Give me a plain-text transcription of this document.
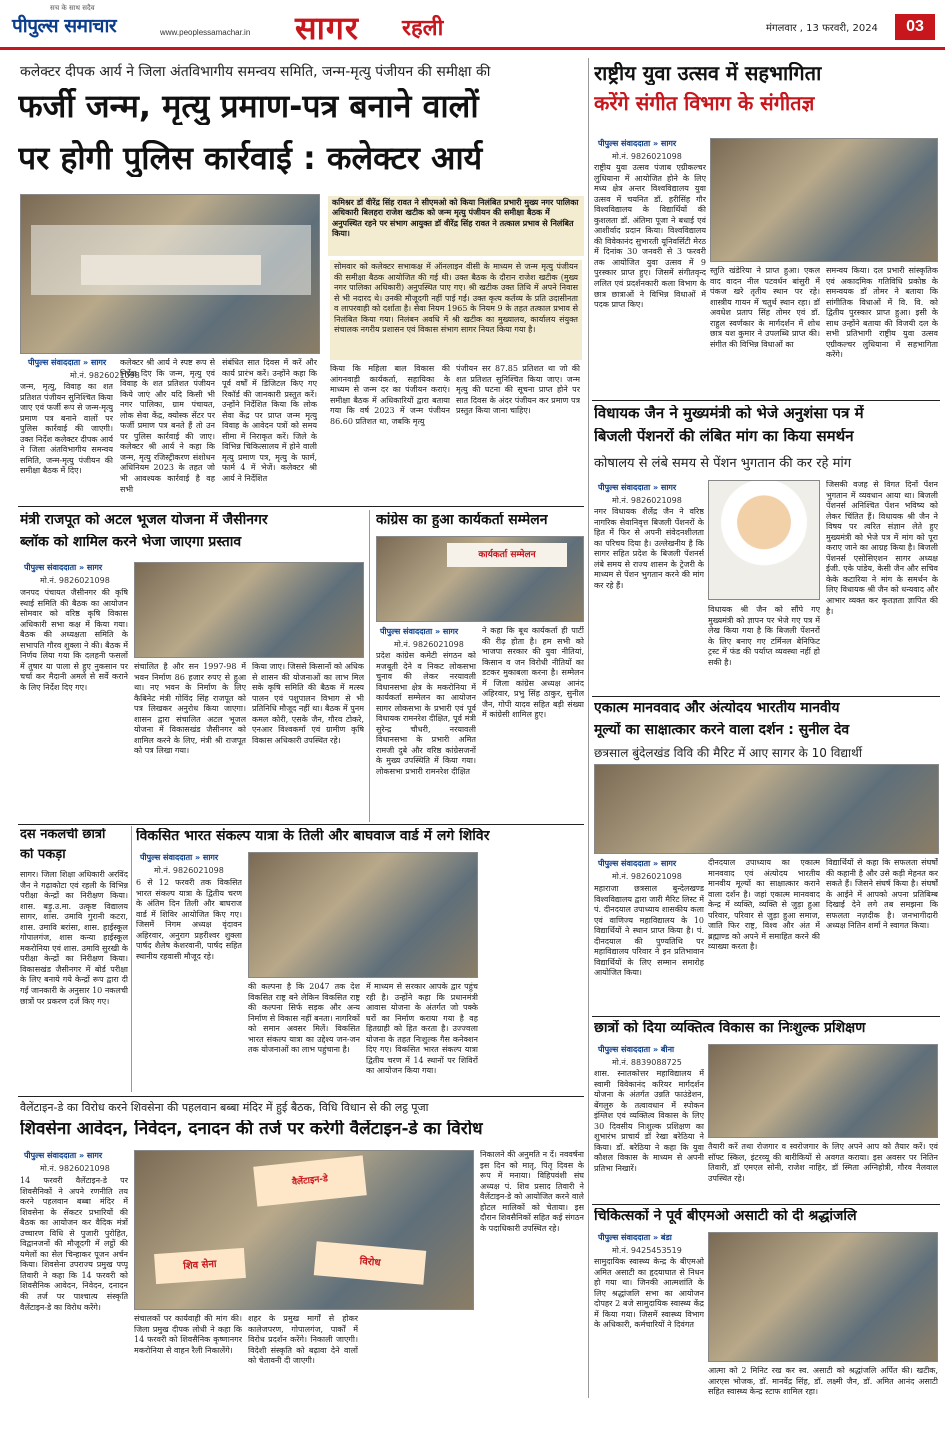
सच के साथ सदैव
पीपुल्स समाचार	www.peoplessamachar.in सागर रहली	मंगलवार , 13 फरवरी, 2024	03
कलेक्टर दीपक आर्य ने जिला अंतविभागीय समन्वय समिति, जन्म-मृत्यु पंजीयन की समीक्षा की
फर्जी जन्म, मृत्यु प्रमाण-पत्र बनाने वालों
पर होगी पुलिस कार्रवाई : कलेक्टर आर्य
पीपुल्स संवाददाता » सागर
मो.नं. 9826021098
जन्म, मृत्यु, विवाह का शत प्रतिशत पंजीयन सुनिश्चित किया जाए एवं फर्जी रूप से जन्म-मृत्यु प्रमाण पत्र बनाने वालों पर पुलिस कार्रवाई की जाएगी। उक्त निर्देश कलेक्टर दीपक आर्य ने जिला अंतविभागीय समन्वय समिति, जन्म-मृत्यु पंजीयन की समीक्षा बैठक में दिए।
कलेक्टर श्री आर्य ने स्पष्ट रूप से निर्देश दिए कि जन्म, मृत्यु एवं विवाह के शत प्रतिशत पंजीयन किये जाएं और यदि किसी भी नगर पालिका, ग्राम पंचायत, लोक सेवा केंद्र, क्योस्क सेंटर पर फर्जी प्रमाण पत्र बनते हैं तो उन पर पुलिस कार्रवाई की जाए। कलेक्टर श्री आर्य ने कहा कि जन्म, मृत्यु रजिस्ट्रीकरण संशोधन अधिनियम 2023 के तहत जो भी आवश्यक कार्रवाई है वह सभी
संबंधित सात दिवस में करें और कार्य प्रारंभ करें। उन्होंने कहा कि पूर्व वर्षों में डिजिटल किए गए रिकॉर्ड की जानकारी प्रस्तुत करें। उन्होंने निर्देशित किया कि लोक सेवा केंद्र पर प्राप्त जन्म मृत्यु विवाह के आवेदन पत्रों को समय सीमा में निराकृत करें। जिले के विभिन्न चिकित्सालय में होने वाली मृत्यु प्रमाण पत्र, मृत्यु के फार्म, फार्म 4 में भेजें। कलेक्टर श्री आर्य ने निर्देशित
कमिश्नर डॉ वीरेंद्र सिंह रावत ने सीएमओ को किया निलंबित प्रभारी मुख्य नगर पालिका अधिकारी बिलहरा राजेश खटीक को जन्म मृत्यु पंजीयन की समीक्षा बैठक में अनुपस्थित रहने पर संभाग आयुक्त डॉ वीरेंद्र सिंह रावत ने तत्काल प्रभाव से निलंबित किया।
सोमवार को कलेक्टर सभाकक्ष में ऑनलाइन वीसी के माध्यम से जन्म मृत्यु पंजीयन की समीक्षा बैठक आयोजित की गई थी। उक्त बैठक के दौरान राजेश खटीक (मुख्य नगर पालिका अधिकारी) अनुपस्थित पाए गए। श्री खटीक उक्त तिथि में अपने निवास से भी नदारद थे। उनकी मौजूदगी नहीं पाई गई। उक्त कृत्य कर्तव्य के प्रति उदासीनता व लापरवाही को दर्शाता है। सेवा नियम 1965 के नियम 9 के तहत तत्काल प्रभाव से निलंबित किया गया। निलंबन अवधि में श्री खटीक का मुख्यालय, कार्यालय संयुक्त संचालक नगरीय प्रशासन एवं विकास संभाग सागर नियत किया गया है।
किया कि महिला बाल विकास की आंगनवाड़ी कार्यकर्ता, सहायिका के माध्यम से जन्म दर का पंजीयन कराएं। समीक्षा बैठक में अधिकारियों द्वारा बताया गया कि वर्ष 2023 में जन्म पंजीयन 86.60 प्रतिशत था, जबकि मृत्यु
पंजीयन सर 87.85 प्रतिशत था जो की शत प्रतिशत सुनिश्चित किया जाए। जन्म मृत्यु की घटना की सूचना प्राप्त होने पर सात दिवस के अंदर पंजीयन कर प्रमाण पत्र प्रस्तुत किया जाना चाहिए।
राष्ट्रीय युवा उत्सव में सहभागिता
करेंगे संगीत विभाग के संगीतज्ञ
पीपुल्स संवाददाता » सागर
मो.नं. 9826021098
राष्ट्रीय युवा उत्सव पंजाब एग्रीकल्चर लुधियाना में आयोजित होने के लिए मध्य क्षेत्र अन्तर विश्वविद्यालय युवा उत्सव में चयनित डॉ. हरीसिंह गौर विश्वविद्यालय के विद्यार्थियों की कुशलता डॉ. अंतिमा पूजा ने बधाई एवं आशीर्वाद प्रदान किया। विश्वविद्यालय की विवेकानंद सुभारती यूनिवर्सिटी मेरठ में दिनांक 30 जनवरी से 3 फरवरी तक आयोजित युवा उत्सव में 9 पुरस्कार प्राप्त हुए। जिसमें संगीतवृन्द ललित एवं प्रदर्शनकारी कला विभाग के छात्र छात्राओं ने विभिन्न विधाओं में पदक प्राप्त किए।
स्तुति खंडेरिया ने प्राप्त हुआ। एकल वाद वादन नील पटवर्धन बांसुरी में पंकज खरे तृतीय स्थान पर रहे। शास्त्रीय गायन में चतुर्थ स्थान रहा। डॉ अवधेश प्रताप सिंह तोमर एवं डॉ. राहुल स्वर्णकार के मार्गदर्शन में शोध छात्र यश कुमार ने उपलब्धि प्राप्त की। संगीत की विभिन्न विधाओं का
समन्वय किया। दल प्रभारी सांस्कृतिक एवं अकादमिक गतिविधि प्रकोष्ठ के समन्वयक डॉ तोमर ने बताया कि सांगीतिक विधाओं में वि. वि. को द्वितीय पुरस्कार प्राप्त हुआ। इसी के साथ उन्होंने बताया की विजयी दल के सभी प्रतिभागी राष्ट्रीय युवा उत्सव एग्रीकल्चर लुधियाना में सहभागिता करेंगे।
विधायक जैन ने मुख्यमंत्री को भेजे अनुशंसा पत्र में
बिजली पेंशनरों की लंबित मांग का किया समर्थन
कोषालय से लंबे समय से पेंशन भुगतान की कर रहे मांग
पीपुल्स संवाददाता » सागर
मो.नं. 9826021098
नगर विधायक शैलेंद्र जैन ने वरिष्ठ नागरिक सेवानिवृत्त बिजली पेंशनरों के हित में फिर से अपनी संवेदनशीलता का परिचय दिया है। उल्लेखनीय है कि सागर सहित प्रदेश के बिजली पेंशनर्स लंबे समय से राज्य शासन के ट्रेजरी के माध्यम से पेंशन भुगतान करने की मांग कर रहे हैं।
विधायक श्री जैन को सौंपे गए मुख्यमंत्री को ज्ञापन पर भेजे गए पत्र में लेख किया गया है कि बिजली पेंशनरों के लिए बनाए गए टर्मिनल बेनिफिट ट्रस्ट में फंड की पर्याप्त व्यवस्था नहीं हो सकी है।
जिसकी वजह से विगत दिनों पेंशन भुगतान में व्यवधान आया था। बिजली पेंशनर्स अनिश्चित पेंशन भविष्य को लेकर चिंतित हैं। विधायक श्री जैन ने विषय पर त्वरित संज्ञान लेते हुए मुख्यमंत्री को भेजे पत्र में मांग को पूरा कराए जाने का आग्रह किया है। बिजली पेंशनर्स एसोसिएशन सागर अध्यक्ष ईजी. एके पांडेय, केसी जैन और सचिव केके कटारिया ने मांग के समर्थन के लिए विधायक श्री जैन को धन्यवाद और आभार व्यक्त कर कृतज्ञता ज्ञापित की है।
एकात्म मानववाद और अंत्योदय भारतीय मानवीय
मूल्यों का साक्षात्कार करने वाला दर्शन : सुनील देव
छत्रसाल बुंदेलखंड विवि की मैरिट में आए सागर के 10 विद्यार्थी
पीपुल्स संवाददाता » सागर
मो.नं. 9826021098
महाराजा छत्रसाल बुन्देलखण्ड विश्वविद्यालय द्वारा जारी मैरिट लिस्ट में पं. दीनदयाल उपाध्याय शासकीय कला एवं वाणिज्य महाविद्यालय के 10 विद्यार्थियों ने स्थान प्राप्त किया है। पं. दीनदयाल की पुण्यतिथि पर महाविद्यालय परिवार ने इन प्रतिभावान विद्यार्थियों के लिए सम्मान समारोह आयोजित किया।
दीनदयाल उपाध्याय का एकात्म मानववाद एवं अंत्योदय भारतीय मानवीय मूल्यों का साक्षात्कार कराने वाला दर्शन है। जहां एकात्म मानववाद केन्द्र में व्यक्ति, व्यक्ति से जुड़ा हुआ परिवार, परिवार से जुड़ा हुआ समाज, जाति फिर राष्ट्र, विश्व और अंत में ब्रह्माण्ड को अपने में समाहित करने की व्याख्या करता है।
विद्यार्थियों से कहा कि सफलता संघर्षों की कहानी है और उसे कड़ी मेहनत कर सकते हैं। जिसने संघर्ष किया है। संघर्षों के आईने में आपको अपना प्रतिबिम्ब दिखाई देने लगे तब समझना कि सफलता नज़दीक है। जनभागीदारी अध्यक्ष नितिन शर्मा ने स्वागत किया।
छात्रों को दिया व्यक्तित्व विकास का निःशुल्क प्रशिक्षण
पीपुल्स संवाददाता » बीना
मो.नं. 8839088725
शास. स्नातकोत्तर महाविद्यालय में स्वामी विवेकानंद करियर मार्गदर्शन योजना के अंतर्गत उन्नति फाउंडेशन, बेंगलुरु के तत्वावधान में स्पोकन इंग्लिश एवं व्यक्तित्व विकास के लिए 30 दिवसीय निःशुल्क प्रशिक्षण का शुभारंभ प्राचार्य डॉ रेखा बरेठिया ने किया। डॉ. बरेठिया ने कहा कि युवा कौशल विकास के माध्यम से अपनी प्रतिभा निखारें।
तैयारी करें तथा रोजगार व स्वरोजगार के लिए अपने आप को तैयार करें। एवं सॉफ्ट स्किल, इंटरव्यू की बारीकियों से अवगत कराया। इस अवसर पर नितिन तिवारी, डॉ एमएल सोनी, राजेश नाहिर, डॉ स्मिता अग्निहोत्री, गौरव नैलवाल उपस्थित रहे।
चिकित्सकों ने पूर्व बीएमओ असाटी को दी श्रद्धांजलि
पीपुल्स संवाददाता » बंडा
मो.नं. 9425453519
सामुदायिक स्वास्थ्य केन्द्र के बीएमओ अमित असाटी का हृदयाघात से निधन हो गया था। जिनकी आत्मशांति के लिए श्रद्धांजलि सभा का आयोजन दोपहर 2 बजे सामुदायिक स्वास्थ्य केंद्र में किया गया। जिसमें स्वास्थ्य विभाग के अधिकारी, कर्मचारियों ने दिवंगत
आत्मा को 2 मिनिट रख कर स्व. असाटी को श्रद्धांजलि अर्पित की। खटीक, आरएस भोजक, डॉ. मानवेंद्र सिंह, डॉ. लक्ष्मी जैन, डॉ. अमित आनंद असाटी सहित स्वास्थ्य केन्द्र स्टाफ शामिल रहा।
मंत्री राजपूत को अटल भूजल योजना में जैसीनगर
ब्लॉक को शामिल करने भेजा जाएगा प्रस्ताव
पीपुल्स संवाददाता » सागर
मो.नं. 9826021098
जनपद पंचायत जैसीनगर की कृषि स्थाई समिति की बैठक का आयोजन सोमवार को वरिष्ठ कृषि विकास अधिकारी सभा कक्ष में किया गया। बैठक की अध्यक्षता समिति के सभापति गौरव शुक्ला ने की। बैठक में निर्णय लिया गया कि दलहनी फसलों में तुषार या पाला से हुए नुकसान पर चर्चा कर मैदानी अमले से सर्वे कराने के लिए निर्देश दिए गए।
संचालित है और सन 1997-98 में भवन निर्माण 86 हजार रुपए से हुआ था। नए भवन के निर्माण के लिए कैबिनेट मंत्री गोविंद सिंह राजपूत को पत्र लिखकर अनुरोध किया जाएगा। शासन द्वारा संचालित अटल भूजल योजना में विकासखंड जैसीनगर को शामिल करने के लिए, मंत्री श्री राजपूत को पत्र लिखा गया।
किया जाए। जिससे किसानों को अधिक से शासन की योजनाओं का लाभ मिल सके कृषि समिति की बैठक में मत्स्य पालन एवं पशुपालन विभाग से भी प्रतिनिधि मौजूद नहीं था। बैठक में पुनम कमल कोरी, एसके जैन, गौरव टोकरे, एनआर विश्वकर्मा एवं ग्रामीण कृषि विकास अधिकारी उपस्थित रहे।
कांग्रेस का हुआ कार्यकर्ता सम्मेलन
कार्यकर्ता सम्मेलन
पीपुल्स संवाददाता » सागर
मो.नं. 9826021098
प्रदेश कांग्रेस कमेटी संगठन को मजबूती देने व निकट लोकसभा चुनाव की लेकर नरयावली विधानसभा क्षेत्र के मकरोनिया में कार्यकर्ता सम्मेलन का आयोजन सागर लोकसभा के प्रभारी एवं पूर्व विधायक रामनरेश दीक्षित, पूर्व मंत्री सुरेन्द्र चौधरी, नरयावली विधानसभा के प्रभारी अमित रामजी दुबे और वरिष्ठ कांग्रेसजनों के मुख्य उपस्थिति में किया गया। लोकसभा प्रभारी रामनरेश दीक्षित
ने कहा कि बूथ कार्यकर्ता ही पार्टी की रीढ़ होता है। हम सभी को भाजपा सरकार की युवा नीतियां, किसान व जन विरोधी नीतियों का डटकर मुकाबला करना है। सम्मेलन में जिला कांग्रेस अध्यक्ष आनंद अहिरवार, प्रभु सिंह ठाकुर, सुनील जैन, गोपी यादव सहित बड़ी संख्या में कांग्रेसी शामिल हुए।
दस नकलची छात्रों
को पकड़ा
सागर। जिला शिक्षा अधिकारी अरविंद जैन ने गढ़ाकोटा एवं रहली के विभिन्न परीक्षा केन्द्रों का निरीक्षण किया। शास. बड़ु.उ.मा. उत्कृष्ट विद्यालय सागर, शास. उमावि गुरानी कटरा, शास. उमावि बरांसा, शास. हाईस्कूल गोपालगंज, शास कन्या हाईस्कूल मकरोनिया एवं शास. उमावि सुरखी के परीक्षा केन्द्रों का निरीक्षण किया। विकासखंड जैसीनगर में बोर्ड परीक्षा के लिए बनाये गये केन्द्रों रूप द्वारा दी गई जानकारी के अनुसार 10 नकलची छात्रों पर प्रकरण दर्ज किए गए।
विकसित भारत संकल्प यात्रा के तिली और बाघवाज वार्ड में लगे शिविर
पीपुल्स संवाददाता » सागर
मो.नं. 9826021098
6 से 12 फरवरी तक विकसित भारत संकल्प यात्रा के द्वितीय चरण के अंतिम दिन तिली और बाघराज वार्ड में शिविर आयोजित किए गए। जिसमें निगम अध्यक्ष वृंदावन अहिरवार, अनुराग प्रहरीश्वर शुक्ला पार्षद शैलेष केशरवानी, पार्षद सहित स्थानीय रहवासी मौजूद रहे।
की कल्पना है कि 2047 तक देश विकसित राष्ट्र बने लेकिन विकसित राष्ट्र की कल्पना सिर्फ सड़क और अन्य निर्माण से विकास नहीं बनता। नागरिकों को समान अवसर मिलें। विकसित भारत संकल्प यात्रा का उद्देश्य जन-जन तक योजनाओं का लाभ पहुंचाना है।
में माध्यम से सरकार आपके द्वार पहुंच रही है। उन्होंने कहा कि प्रधानमंत्री आवास योजना के अंतर्गत जो पक्के घरों का निर्माण कराया गया है वह हितग्राही को हित करता है। उज्ज्वला योजना के तहत निःशुल्क गैस कनेक्शन दिए गए। विकसित भारत संकल्प यात्रा द्वितीय चरण में 14 स्थानों पर शिविरों का आयोजन किया गया।
वैलेंटाइन-डे का विरोध करने शिवसेना की पहलवान बब्बा मंदिर में हुई बैठक, विधि विधान से की लट्ठ पूजा
शिवसेना आवेदन, निवेदन, दनादन की तर्ज पर करेगी वैलेंटाइन-डे का विरोध
पीपुल्स संवाददाता » सागर
मो.नं. 9826021098
14 फरवरी वैलेंटाइन-डे पर शिवसैनिकों ने अपने रणनीति तय करने पहलवान बब्बा मंदिर में शिवसेना के सेंकटर प्रभारियों की बैठक का आयोजन कर वैदिक मंत्रों उच्चारण विधि से पुजारी पुरोहित, विद्वानजनों की मौजूदगी में लट्ठों की यमेलों का सेल चिन्हाकर पूजन अर्चन किया। शिवसेना उपराज्य प्रमुख पप्पू तिवारी ने कहा कि 14 फरवरी को शिवसैनिक आवेदन, निवेदन, दनादन की तर्ज पर पाश्चात्य संस्कृति वैलेंटाइन-डे का विरोध करेंगे।
वैलेंटाइन-डे
शिव सेना	विरोध
संचालकों पर कार्यवाही की मांग की। जिला प्रमुख दीपक लोधी ने कहा कि 14 फरवरी को शिवसैनिक कृष्णानगर मकरोनिया से वाहन रैली निकालेंगे।
शहर के प्रमुख मार्गों से होकर कालेजपरण, गोपालगंज, पार्कों में विरोध प्रदर्शन करेंगे। निकाली जाएगी। विदेशी संस्कृति को बढ़ावा देने वालों को चेतावनी दी जाएगी।
निकालने की अनुमति न दें। नववर्षना इस दिन को मातृ, पितृ दिवस के रूप में मनाया। विहिपवंशी संघ अध्यक्ष पं. शिव प्रसाद तिवारी ने वैलेंटाइन-डे को आयोजित करने वाले होटल मालिकों को चेताया। इस दौरान शिवसैनिकों सहित कई संगठन के पदाधिकारी उपस्थित रहे।
